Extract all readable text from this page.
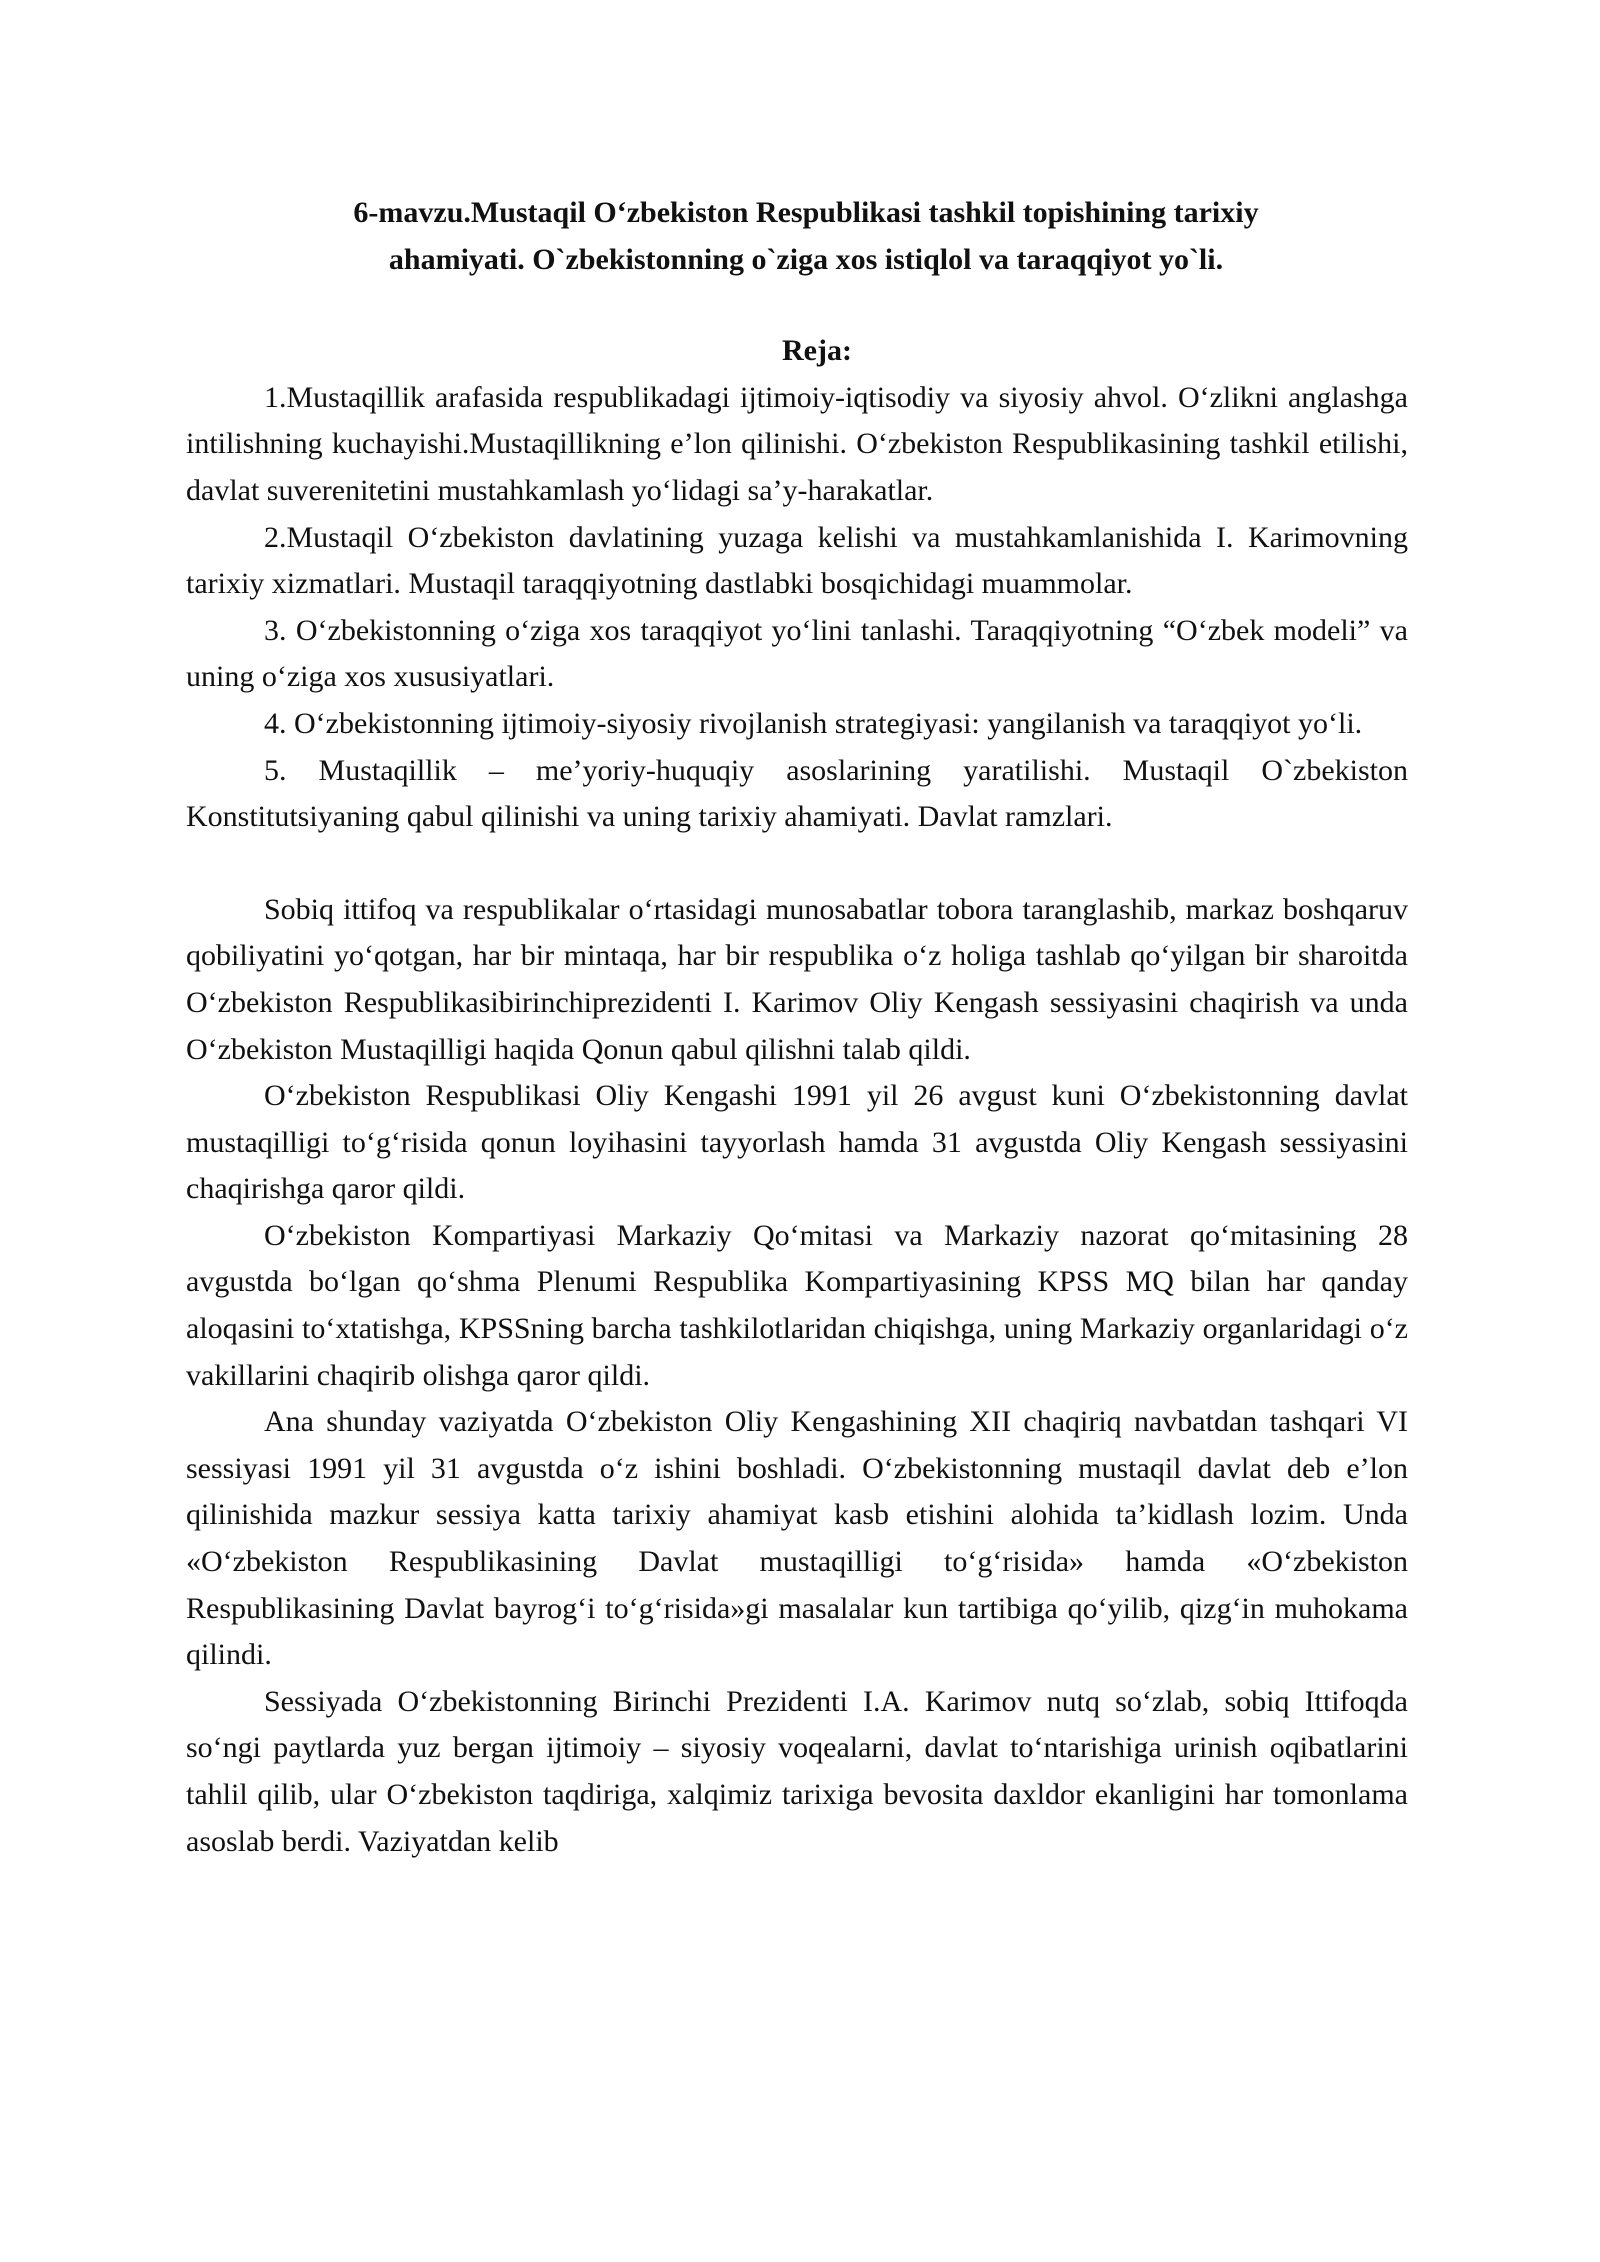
6-mavzu.Mustaqil O‘zbekiston Respublikasi tashkil topishining tarixiy
ahamiyati. O`zbekistonning o`ziga xos istiqlol va taraqqiyot yo`li.
Reja:

1.Mustaqillik arafasida respublikadagi ijtimoiy-iqtisodiy va siyosiy ahvol. O‘zlikni anglashga intilishning kuchayishi.Mustaqillikning e’lon qilinishi. O‘zbekiston Respublikasining tashkil etilishi, davlat suverenitetini mustahkamlash yo‘lidagi sa’y-harakatlar.

2.Mustaqil O‘zbekiston davlatining yuzaga kelishi va mustahkamlanishida I. Karimovning tarixiy xizmatlari. Mustaqil taraqqiyotning dastlabki bosqichidagi muammolar.

3. O‘zbekistonning o‘ziga xos taraqqiyot yo‘lini tanlashi. Taraqqiyotning “O‘zbek modeli” va uning o‘ziga xos xususiyatlari.

4. O‘zbekistonning ijtimoiy-siyosiy rivojlanish strategiyasi: yangilanish va taraqqiyot yo‘li.

5. Mustaqillik – me’yoriy-huquqiy asoslarining yaratilishi. Mustaqil O`zbekiston Konstitutsiyaning qabul qilinishi va uning tarixiy ahamiyati. Davlat ramzlari.

Sobiq ittifoq va respublikalar o‘rtasidagi munosabatlar tobora taranglashib, markaz boshqaruv qobiliyatini yo‘qotgan, har bir mintaqa, har bir respublika o‘z holiga tashlab qo‘yilgan bir sharoitda O‘zbekiston Respublikasibirinchiprezidenti I. Karimov Oliy Kengash sessiyasini chaqirish va unda O‘zbekiston Mustaqilligi haqida Qonun qabul qilishni talab qildi.

O‘zbekiston Respublikasi Oliy Kengashi 1991 yil 26 avgust kuni O‘zbekistonning davlat mustaqilligi to‘g‘risida qonun loyihasini tayyorlash hamda 31 avgustda Oliy Kengash sessiyasini chaqirishga qaror qildi.

O‘zbekiston Kompartiyasi Markaziy Qo‘mitasi va Markaziy nazorat qo‘mitasining 28 avgustda bo‘lgan qo‘shma Plenumi Respublika Kompartiyasining KPSS MQ bilan har qanday aloqasini to‘xtatishga, KPSSning barcha tashkilotlaridan chiqishga, uning Markaziy organlaridagi o‘z vakillarini chaqirib olishga qaror qildi.

Ana shunday vaziyatda O‘zbekiston Oliy Kengashining XII chaqiriq navbatdan tashqari VI sessiyasi 1991 yil 31 avgustda o‘z ishini boshladi. O‘zbekistonning mustaqil davlat deb e’lon qilinishida mazkur sessiya katta tarixiy ahamiyat kasb etishini alohida ta’kidlash lozim. Unda «O‘zbekiston Respublikasining Davlat mustaqilligi to‘g‘risida» hamda «O‘zbekiston Respublikasining Davlat bayrog‘i to‘g‘risida»gi masalalar kun tartibiga qo‘yilib, qizg‘in muhokama qilindi.

Sessiyada O‘zbekistonning Birinchi Prezidenti I.A. Karimov nutq so‘zlab, sobiq Ittifoqda so‘ngi paytlarda yuz bergan ijtimoiy – siyosiy voqealarni, davlat to‘ntarishiga urinish oqibatlarini tahlil qilib, ular O‘zbekiston taqdiriga, xalqimiz tarixiga bevosita daxldor ekanligini har tomonlama asoslab berdi. Vaziyatdan kelib
